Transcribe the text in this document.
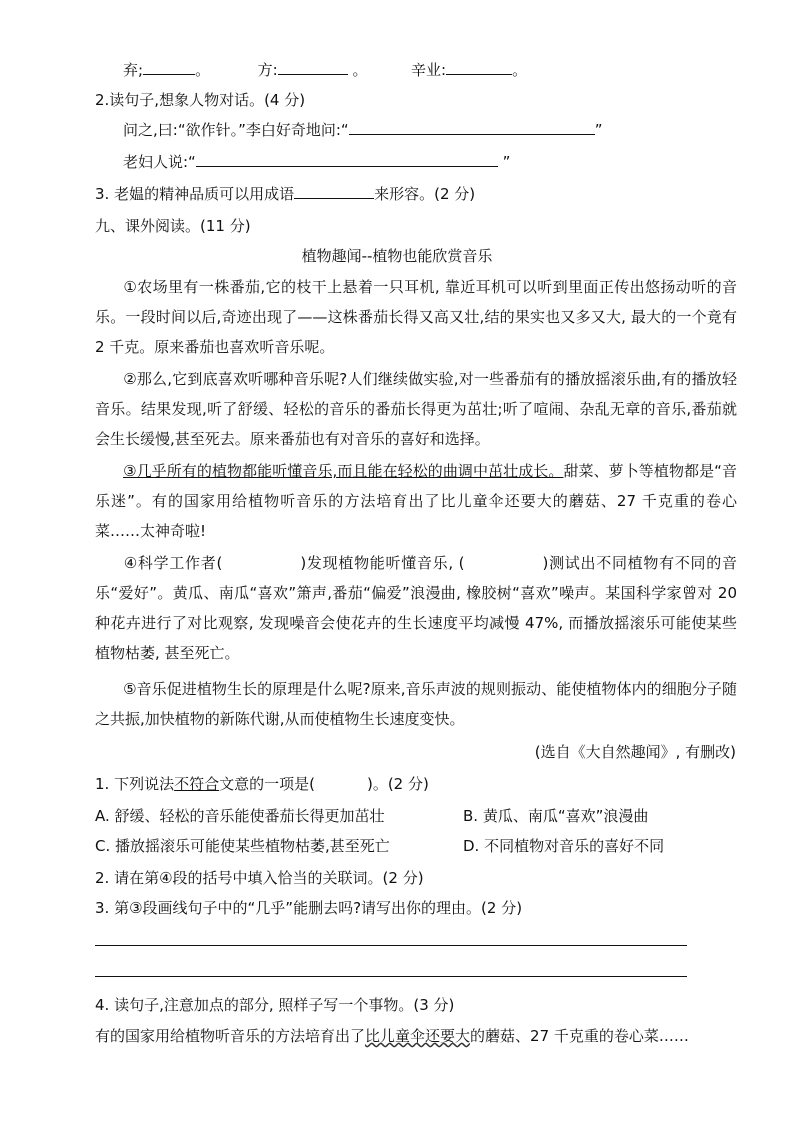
弃;	。	方:	。	辛业:	。
2.读句子,想象人物对话。(4 分)
问之,曰:“欲作针。”李白好奇地问:“	”
老妇人说:“	”
3. 老媪的精神品质可以用成语	来形容。(2 分)
九、课外阅读。(11 分)
植物趣闻--植物也能欣赏音乐
①农场里有一株番茄,它的枝干上悬着一只耳机, 靠近耳机可以听到里面正传出悠扬动听的音乐。一段时间以后,奇迹出现了——这株番茄长得又高又壮,结的果实也又多又大, 最大的一个竟有 2 千克。原来番茄也喜欢听音乐呢。
②那么,它到底喜欢听哪种音乐呢?人们继续做实验,对一些番茄有的播放摇滚乐曲,有的播放轻音乐。结果发现,听了舒缓、轻松的音乐的番茄长得更为茁壮;听了喧闹、杂乱无章的音乐,番茄就会生长缓慢,甚至死去。原来番茄也有对音乐的喜好和选择。
③几乎所有的植物都能听懂音乐,而且能在轻松的曲调中茁壮成长。甜菜、萝卜等植物都是“音乐迷”。有的国家用给植物听音乐的方法培育出了比儿童伞还要大的蘑菇、27 千克重的卷心菜……太神奇啦!
④科学工作者(	)发现植物能听懂音乐, (	)测试出不同植物有不同的音乐“爱好”。黄瓜、南瓜“喜欢”箫声,番茄“偏爱”浪漫曲, 橡胶树“喜欢”噪声。某国科学家曾对 20 种花卉进行了对比观察, 发现噪音会使花卉的生长速度平均减慢 47%, 而播放摇滚乐可能使某些植物枯萎, 甚至死亡。
⑤音乐促进植物生长的原理是什么呢?原来,音乐声波的规则振动、能使植物体内的细胞分子随之共振,加快植物的新陈代谢,从而使植物生长速度变快。
(选自《大自然趣闻》, 有删改)
1. 下列说法不符合文意的一项是(	)。(2 分)
A. 舒缓、轻松的音乐能使番茄长得更加茁壮	B. 黄瓜、南瓜“喜欢”浪漫曲
C. 播放摇滚乐可能使某些植物枯萎,甚至死亡	D. 不同植物对音乐的喜好不同
2. 请在第④段的括号中填入恰当的关联词。(2 分)
3. 第③段画线句子中的“几乎”能删去吗?请写出你的理由。(2 分)
4. 读句子,注意加点的部分, 照样子写一个事物。(3 分)
有的国家用给植物听音乐的方法培育出了比儿童伞还要大的蘑菇、27 千克重的卷心菜……
